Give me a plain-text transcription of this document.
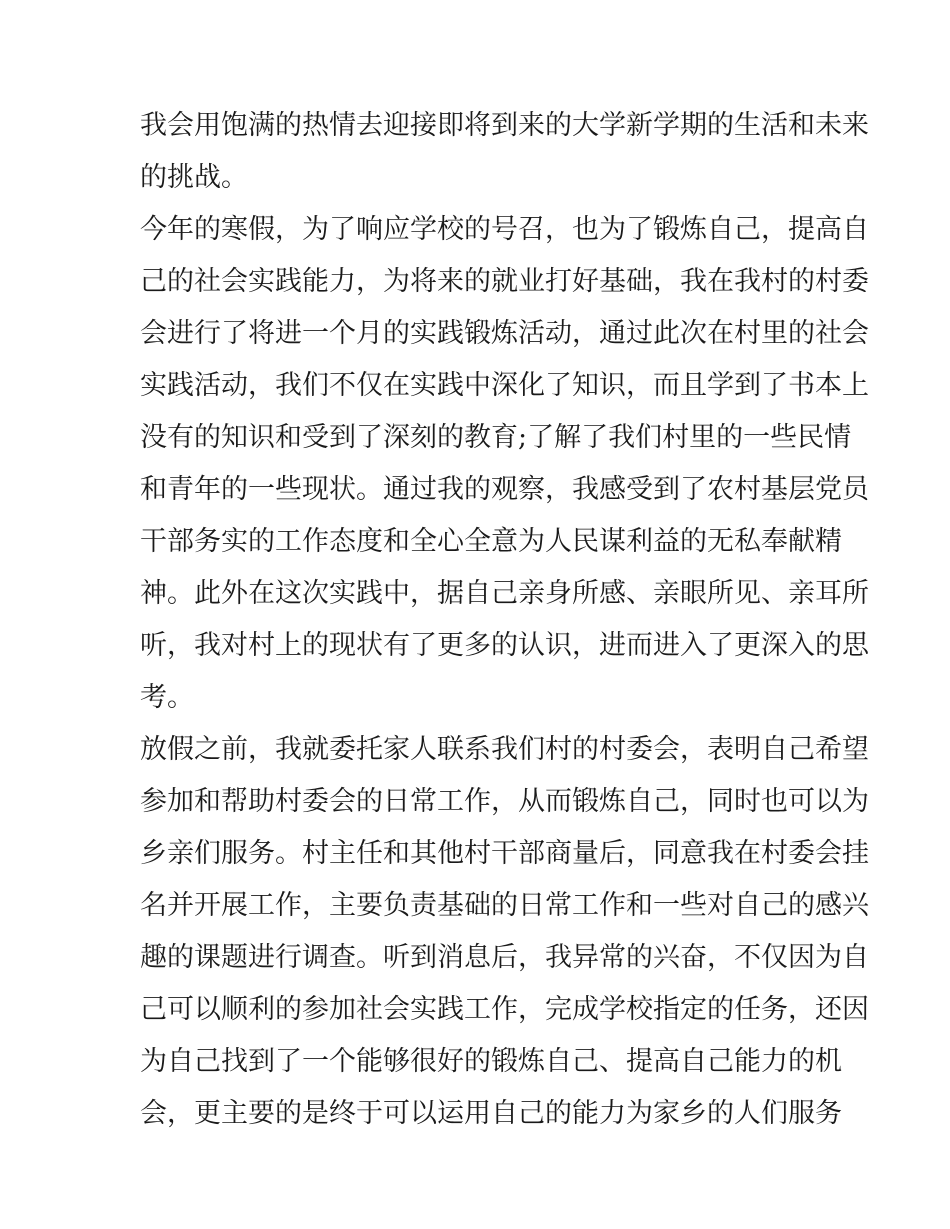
我会用饱满的热情去迎接即将到来的大学新学期的生活和未来
的挑战。
今年的寒假，为了响应学校的号召，也为了锻炼自己，提高自
己的社会实践能力，为将来的就业打好基础，我在我村的村委
会进行了将进一个月的实践锻炼活动，通过此次在村里的社会
实践活动，我们不仅在实践中深化了知识，而且学到了书本上
没有的知识和受到了深刻的教育;了解了我们村里的一些民情
和青年的一些现状。通过我的观察，我感受到了农村基层党员
干部务实的工作态度和全心全意为人民谋利益的无私奉献精
神。此外在这次实践中，据自己亲身所感、亲眼所见、亲耳所
听，我对村上的现状有了更多的认识，进而进入了更深入的思
考。
放假之前，我就委托家人联系我们村的村委会，表明自己希望
参加和帮助村委会的日常工作，从而锻炼自己，同时也可以为
乡亲们服务。村主任和其他村干部商量后，同意我在村委会挂
名并开展工作，主要负责基础的日常工作和一些对自己的感兴
趣的课题进行调查。听到消息后，我异常的兴奋，不仅因为自
己可以顺利的参加社会实践工作，完成学校指定的任务，还因
为自己找到了一个能够很好的锻炼自己、提高自己能力的机
会，更主要的是终于可以运用自己的能力为家乡的人们服务
